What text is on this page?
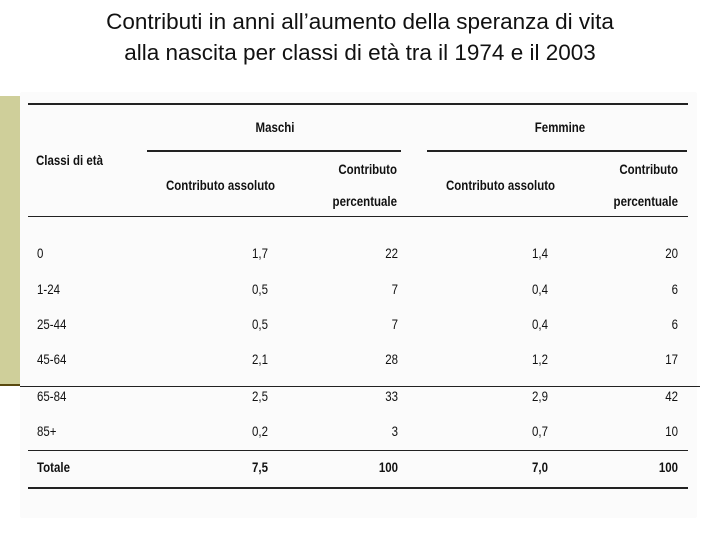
Contributi in anni all’aumento della speranza di vita
alla nascita per classi di età tra il 1974 e il 2003
Maschi	Femmine
Classi di età
Contributo assoluto
Contributo
percentuale
Contributo assoluto
Contributo
percentuale
0	1,7	22	1,4	20
1-24	0,5	7	0,4	6
25-44	0,5	7	0,4	6
45-64	2,1	28	1,2	17
65-84	2,5	33	2,9	42
85+	0,2	3	0,7	10
Totale	7,5	100	7,0	100
